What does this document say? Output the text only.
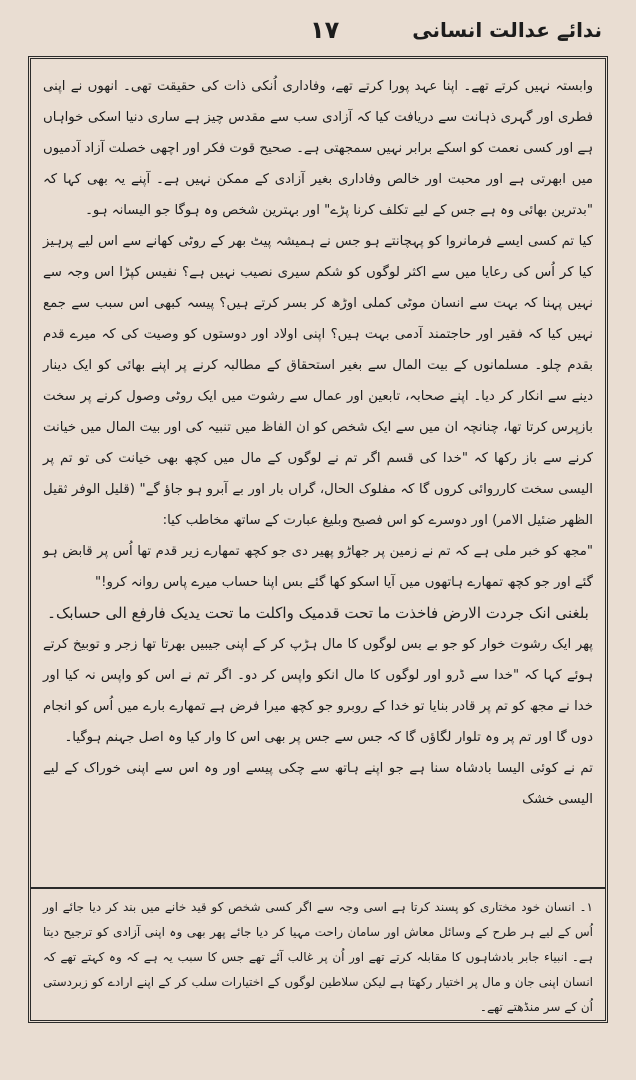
ندائے عدالت انسانی
۱۷

وابستہ نہیں کرتے تھے۔ اپنا عہد پورا کرتے تھے، وفاداری اُنکی ذات کی حقیقت تھی۔ انھوں نے اپنی فطری اور گہری ذہانت سے دریافت کیا کہ آزادی سب سے مقدس چیز ہے ساری دنیا اسکی خواہاں ہے اور کسی نعمت کو اسکے برابر نہیں سمجھتی ہے۔ صحیح قوت فکر اور اچھی خصلت آزاد آدمیوں میں ابھرتی ہے اور محبت اور خالص وفاداری بغیر آزادی کے ممکن نہیں ہے۔ آپنے یہ بھی کہا کہ "بدترین بھائی وہ ہے جس کے لیے تکلف کرنا پڑے" اور بہترین شخص وہ ہوگا جو الیسانہ ہو۔

کیا تم کسی ایسے فرمانروا کو پہچانتے ہو جس نے ہمیشہ پیٹ بھر کے روٹی کھانے سے اس لیے پرہیز کیا کر اُس کی رعایا میں سے اکثر لوگوں کو شکم سیری نصیب نہیں ہے؟ نفیس کپڑا اس وجہ سے نہیں پہنا کہ بہت سے انسان موٹی کملی اوڑھ کر بسر کرتے ہیں؟ پیسہ کبھی اس سبب سے جمع نہیں کیا کہ فقیر اور حاجتمند آدمی بہت ہیں؟ اپنی اولاد اور دوستوں کو وصیت کی کہ میرے قدم بقدم چلو۔ مسلمانوں کے بیت المال سے بغیر استحقاق کے مطالبہ کرنے پر اپنے بھائی کو ایک دینار دینے سے انکار کر دیا۔ اپنے صحابہ، تابعین اور عمال سے رشوت میں ایک روٹی وصول کرنے پر سخت بازپرس کرتا تھا، چنانچہ ان میں سے ایک شخص کو ان الفاظ میں تنبیہ کی اور بیت المال میں خیانت کرنے سے باز رکھا کہ "خدا کی قسم اگر تم نے لوگوں کے مال میں کچھ بھی خیانت کی تو تم پر الیسی سخت کارروائی کروں گا کہ مفلوک الحال، گراں بار اور بے آبرو ہو جاؤ گے" (قلیل الوفر ثقیل الظهر ضئیل الامر) اور دوسرے کو اس فصیح وبلیغ عبارت کے ساتھ مخاطب کیا:

"مجھ کو خبر ملی ہے کہ تم نے زمین پر جھاڑو پھیر دی جو کچھ تمھارے زیر قدم تھا اُس پر قابض ہو گئے اور جو کچھ تمھارے ہاتھوں میں آیا اسکو کھا گئے بس اپنا حساب میرے پاس روانہ کرو!"

بلغنی انک جردت الارض فاخذت ما تحت قدمیک واکلت ما تحت یدیک فارفع الی حسابک۔

پھر ایک رشوت خوار کو جو بے بس لوگوں کا مال ہڑپ کر کے اپنی جیبیں بھرتا تھا زجر و توبیخ کرتے ہوئے کہا کہ "خدا سے ڈرو اور لوگوں کا مال انکو واپس کر دو۔ اگر تم نے اس کو واپس نہ کیا اور خدا نے مجھ کو تم پر قادر بنایا تو خدا کے روبرو جو کچھ میرا فرض ہے تمھارے بارے میں اُس کو انجام دوں گا اور تم پر وہ تلوار لگاؤں گا کہ جس سے جس پر بھی اس کا وار کیا وہ اصل جہنم ہوگیا۔

تم نے کوئی الیسا بادشاہ سنا ہے جو اپنے ہاتھ سے چکی پیسے اور وہ اس سے اپنی خوراک کے لیے الیسی خشک

۱۔ انسان خود مختاری کو پسند کرتا ہے اسی وجہ سے اگر کسی شخص کو قید خانے میں بند کر دیا جائے اور اُس کے لیے ہر طرح کے وسائل معاش اور سامان راحت مہیا کر دیا جائے پھر بھی وہ اپنی آزادی کو ترجیح دیتا ہے۔ انبیاء جابر بادشاہوں کا مقابلہ کرتے تھے اور اُن پر غالب آئے تھے جس کا سبب یہ ہے کہ وہ کہتے تھے کہ انسان اپنی جان و مال پر اختیار رکھتا ہے لیکن سلاطین لوگوں کے اختیارات سلب کر کے اپنے ارادے کو زبردستی اُن کے سر منڈھتے تھے۔
